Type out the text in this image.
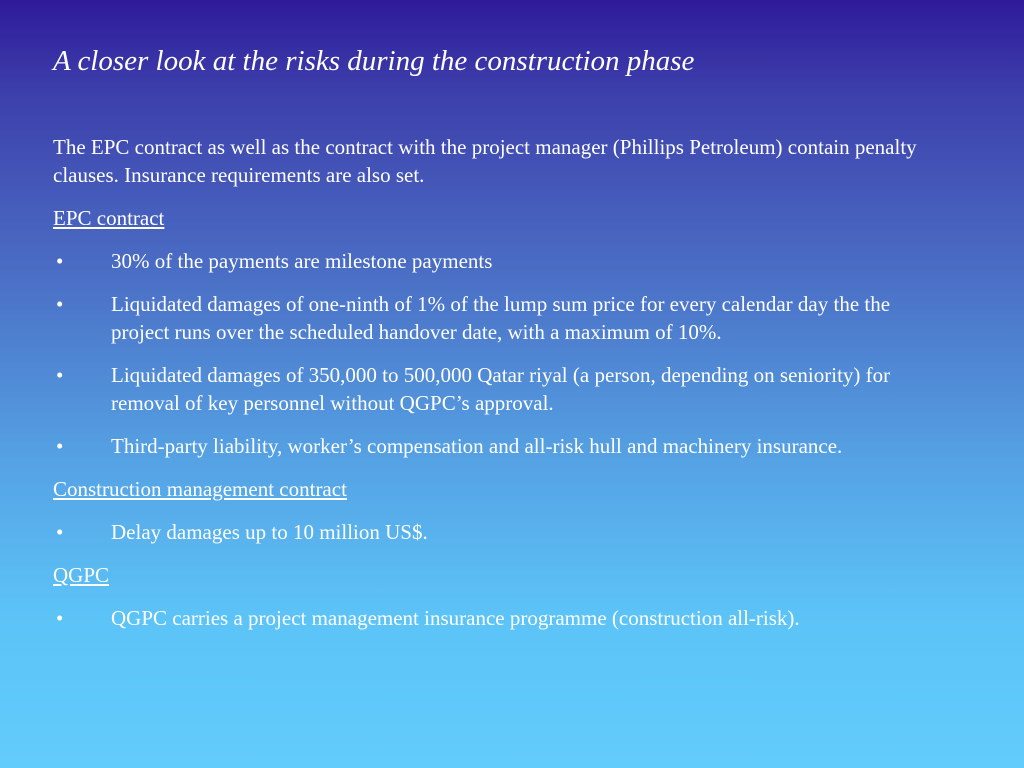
A closer look at the risks during the construction phase

The EPC contract as well as the contract with the project manager (Phillips Petroleum) contain penalty clauses. Insurance requirements are also set.

EPC contract
•	30% of the payments are milestone payments
•	Liquidated damages of one-ninth of 1% of the lump sum price for every calendar day the the project runs over the scheduled handover date, with a maximum of 10%.
•	Liquidated damages of 350,000 to 500,000 Qatar riyal (a person, depending on seniority) for removal of key personnel without QGPC’s approval.
•	Third-party liability, worker’s compensation and all-risk hull and machinery insurance.
Construction management contract
•	Delay damages up to 10 million US$.
QGPC
•	QGPC carries a project management insurance programme (construction all-risk).
